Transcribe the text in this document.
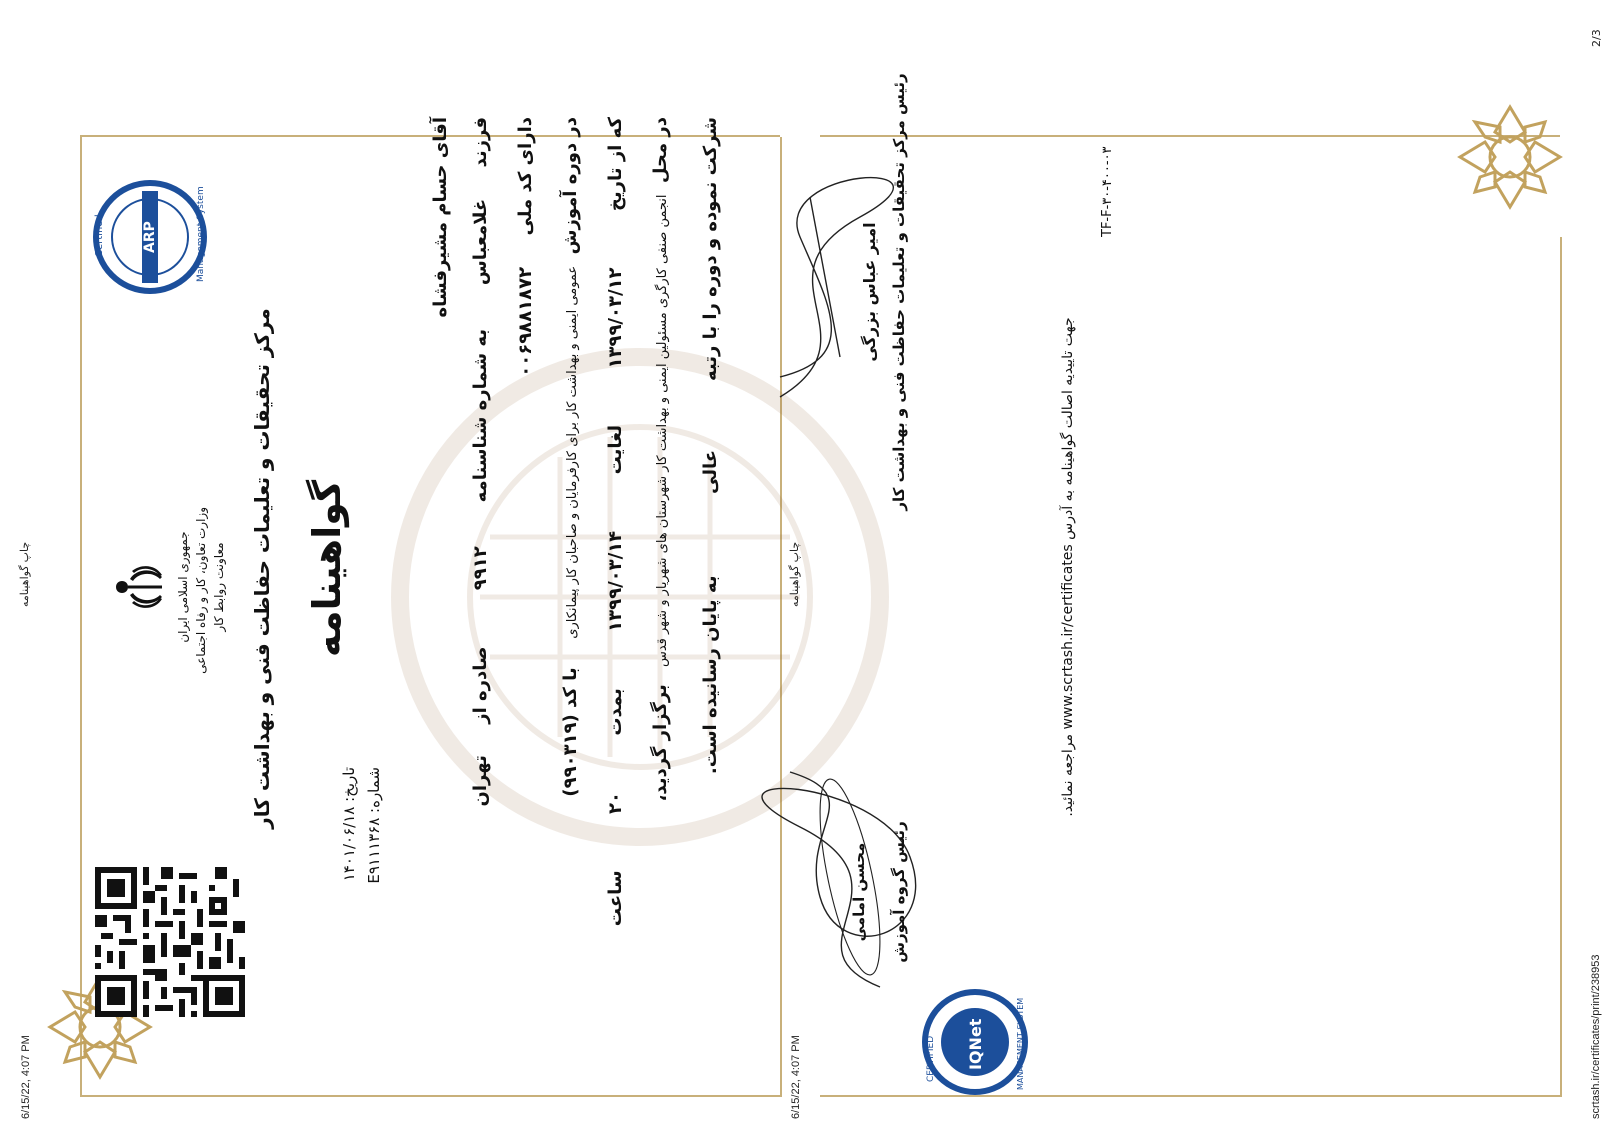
6/15/22, 4:07 PM
چاپ گواهینامه
6/15/22, 4:07 PM
چاپ گواهینامه
scrtash.ir/certificates/print/238953
2/3
جمهوری اسلامی ایران وزارت تعاون، کار و رفاه اجتماعی معاونت روابط کار
ARP
Certified	Management System
مرکز تحقیقات و تعلیمات حفاظت فنی و بهداشت کار گواهینامه
تاریخ: ۱۴۰۱/۰۶/۱۸
شماره: E۹۱۱۱۳۶۸
آقای حسام مشیرفشاه فرزند     غلامعباس       به شماره شناسنامه       ۹۹۱۲         صادره از     تهران
دارای کد ملی     ۰۰۶۹۸۸۱۸۷۲
در دوره آموزش  عمومی ایمنی و بهداشت کار برای کارفرمایان و صاحبان کار پیمانکاری     با کد (۹۹۰۳۱۹)
که از تاریخ         ۱۳۹۹/۰۳/۱۲         لغایت         ۱۳۹۹/۰۳/۱۴         بمدت         ۲۰         ساعت
در محل  انجمن صنفی کارگری مسئولین ایمنی و بهداشت کار شهرستان های شهریار و شهر قدس   برگزار گردید،
شرکت نموده و دوره را با رتبه           عالی             به پایان رسانیده است.
محسن امامی رئیس گروه آموزش
امیر عباس بزرگی رئیس مرکز تحقیقات و تعلیمات حفاظت فنی و بهداشت کار
CERTIFIED IQNet	MANAGEMENT SYSTEM
جهت تاییدیه اصالت گواهینامه به آدرس www.scrtash.ir/certificates مراجعه نمائید.
TF-F-۳۰-۴۰۰-۰۳
